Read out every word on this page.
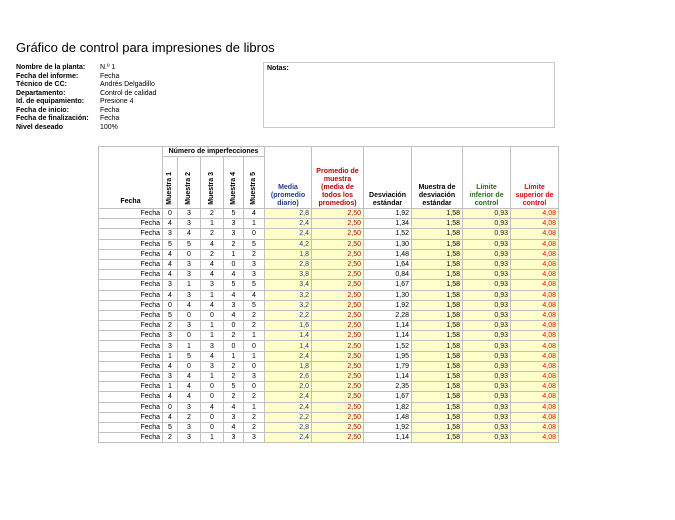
Gráfico de control para impresiones de libros
Nombre de la planta:	N.º 1
Fecha del informe:	Fecha
Técnico de CC:	Andrés Delgadillo
Departamento:	Control de calidad
Id. de equipamiento:	Presione 4
Fecha de inicio:	Fecha
Fecha de finalización:	Fecha
Nivel deseado	100%
Notas:
Fecha	Número de imperfecciones					Media (promedio diario)	Promedio de muestra (media de todos los promedios)	Desviación estándar	Muestra de desviación estándar	Límite inferior de control	Límite superior de control
	Muestra 1	Muestra 2	Muestra 3	Muestra 4	Muestra 5						
Fecha	0	3	2	5	4	2,8	2,50	1,92	1,58	0,93	4,08
Fecha	4	3	1	3	1	2,4	2,50	1,34	1,58	0,93	4,08
Fecha	3	4	2	3	0	2,4	2,50	1,52	1,58	0,93	4,08
Fecha	5	5	4	2	5	4,2	2,50	1,30	1,58	0,93	4,08
Fecha	4	0	2	1	2	1,8	2,50	1,48	1,58	0,93	4,08
Fecha	4	3	4	0	3	2,8	2,50	1,64	1,58	0,93	4,08
Fecha	4	3	4	4	3	3,8	2,50	0,84	1,58	0,93	4,08
Fecha	3	1	3	5	5	3,4	2,50	1,67	1,58	0,93	4,08
Fecha	4	3	1	4	4	3,2	2,50	1,30	1,58	0,93	4,08
Fecha	0	4	4	3	5	3,2	2,50	1,92	1,58	0,93	4,08
Fecha	5	0	0	4	2	2,2	2,50	2,28	1,58	0,93	4,08
Fecha	2	3	1	0	2	1,6	2,50	1,14	1,58	0,93	4,08
Fecha	3	0	1	2	1	1,4	2,50	1,14	1,58	0,93	4,08
Fecha	3	1	3	0	0	1,4	2,50	1,52	1,58	0,93	4,08
Fecha	1	5	4	1	1	2,4	2,50	1,95	1,58	0,93	4,08
Fecha	4	0	3	2	0	1,8	2,50	1,79	1,58	0,93	4,08
Fecha	3	4	1	2	3	2,6	2,50	1,14	1,58	0,93	4,08
Fecha	1	4	0	5	0	2,0	2,50	2,35	1,58	0,93	4,08
Fecha	4	4	0	2	2	2,4	2,50	1,67	1,58	0,93	4,08
Fecha	0	3	4	4	1	2,4	2,50	1,82	1,58	0,93	4,08
Fecha	4	2	0	3	2	2,2	2,50	1,48	1,58	0,93	4,08
Fecha	5	3	0	4	2	2,8	2,50	1,92	1,58	0,93	4,08
Fecha	2	3	1	3	3	2,4	2,50	1,14	1,58	0,93	4,08
